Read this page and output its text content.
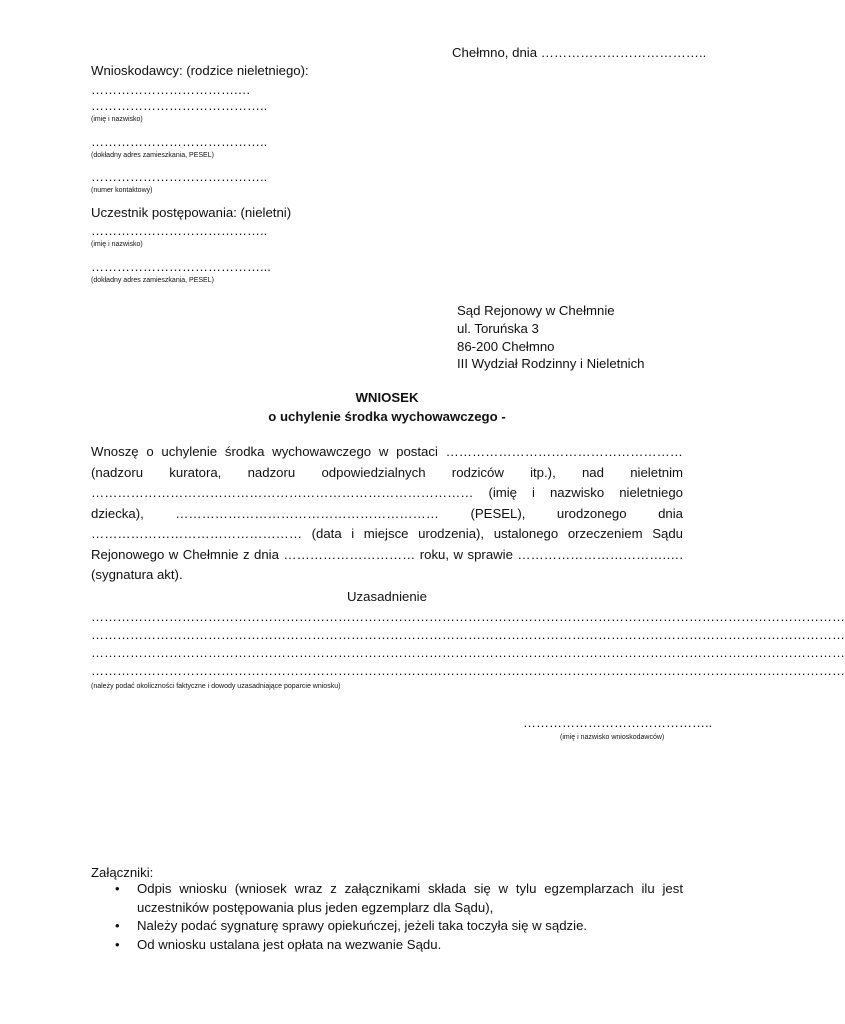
Chełmno, dnia ………………………………..
Wnioskodawcy: (rodzice nieletniego):
…………………………….…
…………………………………..
(imię i nazwisko)
…………………………………..
(dokładny adres zamieszkania, PESEL)
…………………………………..
(numer kontaktowy)
Uczestnik postępowania: (nieletni)
…………………………………..
(imię i nazwisko)
…………………………………...
(dokładny adres zamieszkania, PESEL)
Sąd Rejonowy w Chełmnie
ul. Toruńska 3
86-200 Chełmno
III Wydział Rodzinny i Nieletnich
WNIOSEK
o uchylenie środka wychowawczego -
Wnoszę o uchylenie środka wychowawczego w postaci ……………………………………………… (nadzoru kuratora, nadzoru odpowiedzialnych rodziców itp.), nad nieletnim …………………………………………………………………………… (imię i nazwisko nieletniego dziecka), …………………………………………………… (PESEL), urodzonego dnia ………………………………………… (data i miejsce urodzenia), ustalonego orzeczeniem Sądu Rejonowego w Chełmnie z dnia ………………………… roku, w sprawie …………………………….…. (sygnatura akt).
Uzasadnienie
…………………………………………………………………………………………………………………………………………………………
…………………………………………………………………………………………………………………………………………………………
…………………………………………………………………………………………………………………………………………………………
…………………………………………………………………………………………………………………………………………………………
(należy podać okoliczności faktyczne i dowody uzasadniające poparcie wniosku)
……………………………………..
(imię i nazwisko wnioskodawców)
Załączniki:
• Odpis wniosku (wniosek wraz z załącznikami składa się w tylu egzemplarzach ilu jest uczestników postępowania plus jeden egzemplarz dla Sądu),
• Należy podać sygnaturę sprawy opiekuńczej, jeżeli taka toczyła się w sądzie.
• Od wniosku ustalana jest opłata na wezwanie Sądu.
